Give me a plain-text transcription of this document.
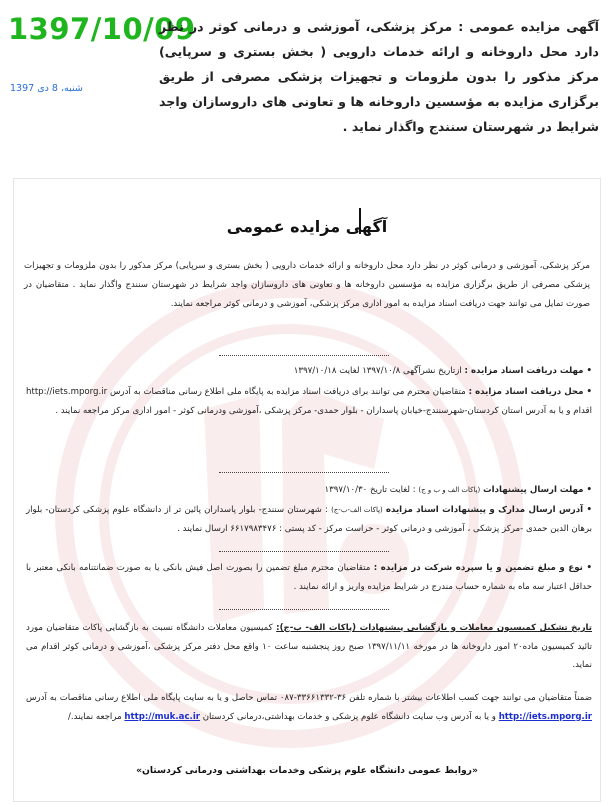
1397/10/09
شنبه، 8 دی 1397
آگهی مزایده عمومی : مرکز پزشکی، آموزشی و درمانی کوثر در نظر دارد محل داروخانه و ارائه خدمات دارویی ( بخش بستری و سرپایی) مرکز مذکور را بدون ملزومات و تجهیزات پزشکی مصرفی از طریق برگزاری مزایده به مؤسسین داروخانه ها و تعاونی های داروسازان واجد شرایط در شهرستان سنندج واگذار نماید .
آگهی مزایده عمومی
مرکز پزشکی، آموزشی و درمانی کوثر در نظر دارد محل داروخانه و ارائه خدمات دارویی ( بخش بستری و سرپایی) مرکز مذکور را بدون ملزومات و تجهیزات پزشکی مصرفی از طریق برگزاری مزایده به مؤسسین داروخانه ها و تعاونی های داروسازان واجد شرایط در شهرستان سنندج واگذار نماید . متقاضیان در صورت تمایل می توانند جهت دریافت اسناد مزایده به امور اداری مرکز پزشکی، آموزشی و درمانی کوثر مراجعه نمایند.
• مهلت دریافت اسناد مزایده : ازتاریخ نشرآگهی ۱۳۹۷/۱۰/۸ لغایت ۱۳۹۷/۱۰/۱۸
• محل دریافت اسناد مزایده : متقاضیان محترم می توانند برای دریافت اسناد مزایده به پایگاه ملی اطلاع رسانی مناقصات به آدرس http://iets.mporg.ir اقدام و یا به آدرس استان کردستان-شهرسنندج-خیابان پاسداران - بلوار حمدی- مرکز پزشکی ،آموزشی ودرمانی کوثر - امور اداری مرکز مراجعه نمایند .
• مهلت ارسال پیشنهادات (پاکات الف و ب و ج) : لغایت تاریخ ۱۳۹۷/۱۰/۳۰
• آدرس ارسال مدارک و پیشنهادات اسناد مزایده (پاکات الف-ب-ج) : شهرستان سنندج- بلوار پاسداران پائین تر از دانشگاه علوم پزشکی کردستان- بلوار برهان الدین حمدی -مرکز پزشکی ، آموزشی و درمانی کوثر - حراست مرکز - کد پستی : ۶۶۱۷۹۸۳۴۷۶ ارسال نمایند .
• نوع و مبلغ تضمین و یا سپرده شرکت در مزایده : متقاضیان محترم مبلغ تضمین را بصورت اصل فیش بانکی یا به صورت ضمانتنامه بانکی معتبر با حداقل اعتبار سه ماه به شماره حساب مندرج در شرایط مزایده واریز و ارائه نمایند .
تاریخ تشکیل کمیسیون معاملات و بازگشایی پیشنهادات (پاکات الف- ب-ج): کمیسیون معاملات دانشگاه نسبت به بازگشایی پاکات متقاضیان مورد تائید کمیسیون ماده۲۰ امور داروخانه ها در مورخه ۱۳۹۷/۱۱/۱۱ صبح روز پنجشنبه ساعت ۱۰ واقع محل دفتر مرکز پزشکی ،آموزشی و درمانی کوثر اقدام می نماید.
ضمناً متقاضیان می توانند جهت کسب اطلاعات بیشتر با شماره تلفن ۳۶-۳۳۶۶۱۳۳۲-۰۸۷ تماس حاصل و یا به سایت پایگاه ملی اطلاع رسانی مناقصات به آدرس http://iets.mporg.ir و یا به آدرس وب سایت دانشگاه علوم پزشکی و خدمات بهداشتی،درمانی کردستان http://muk.ac.ir مراجعه نمایند./
«روابط عمومی دانشگاه علوم پزشکی وخدمات بهداشتی ودرمانی کردستان»
